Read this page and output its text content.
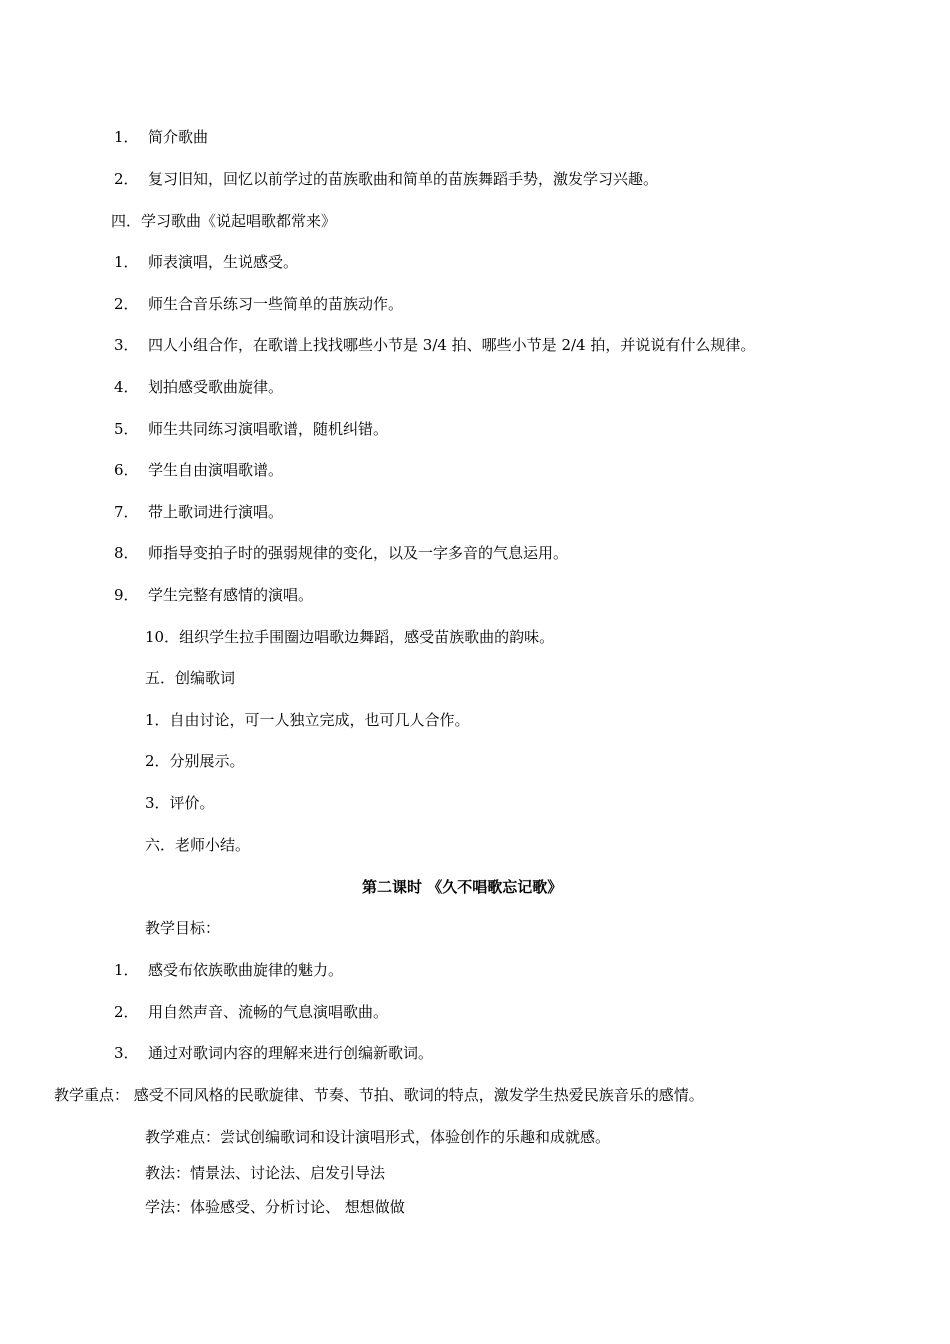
1． 简介歌曲
2． 复习旧知，回忆以前学过的苗族歌曲和简单的苗族舞蹈手势，激发学习兴趣。
四．学习歌曲《说起唱歌都常来》
1． 师表演唱，生说感受。
2． 师生合音乐练习一些简单的苗族动作。
3． 四人小组合作，在歌谱上找找哪些小节是 3/4 拍、哪些小节是 2/4 拍，并说说有什么规律。
4． 划拍感受歌曲旋律。
5． 师生共同练习演唱歌谱，随机纠错。
6． 学生自由演唱歌谱。
7． 带上歌词进行演唱。
8． 师指导变拍子时的强弱规律的变化，以及一字多音的气息运用。
9． 学生完整有感情的演唱。
10．组织学生拉手围圈边唱歌边舞蹈，感受苗族歌曲的韵味。
五．创编歌词
1．自由讨论，可一人独立完成，也可几人合作。
2．分别展示。
3．评价。
六．老师小结。
第二课时 《久不唱歌忘记歌》
教学目标：
1． 感受布依族歌曲旋律的魅力。
2． 用自然声音、流畅的气息演唱歌曲。
3． 通过对歌词内容的理解来进行创编新歌词。
教学重点： 感受不同风格的民歌旋律、节奏、节拍、歌词的特点，激发学生热爱民族音乐的感情。
教学难点：尝试创编歌词和设计演唱形式，体验创作的乐趣和成就感。
教法：情景法、讨论法、启发引导法
学法：体验感受、分析讨论、 想想做做
